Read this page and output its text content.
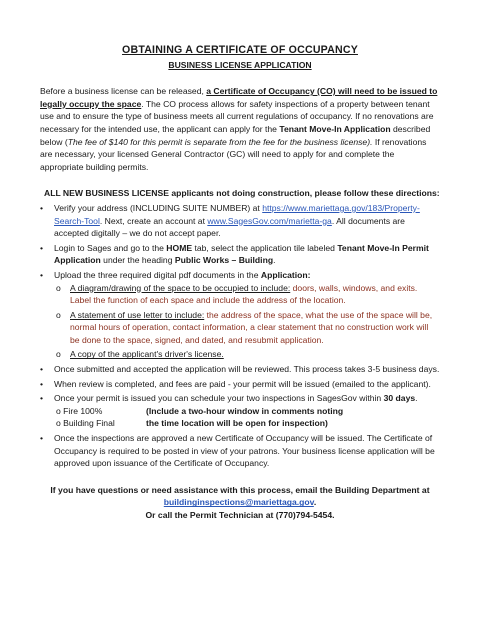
OBTAINING A CERTIFICATE OF OCCUPANCY
BUSINESS LICENSE APPLICATION

Before a business license can be released, a Certificate of Occupancy (CO) will need to be issued to legally occupy the space. The CO process allows for safety inspections of a property between tenant use and to ensure the type of business meets all current regulations of occupancy. If no renovations are necessary for the intended use, the applicant can apply for the Tenant Move-In Application described below (The fee of $140 for this permit is separate from the fee for the business license). If renovations are necessary, your licensed General Contractor (GC) will need to apply for and complete the appropriate building permits.

ALL NEW BUSINESS LICENSE applicants not doing construction, please follow these directions:
• Verify your address (INCLUDING SUITE NUMBER) at https://www.mariettaga.gov/183/Property-Search-Tool. Next, create an account at www.SagesGov.com/marietta-ga. All documents are accepted digitally – we do not accept paper.
• Login to Sages and go to the HOME tab, select the application tile labeled Tenant Move-In Permit Application under the heading Public Works – Building.
• Upload the three required digital pdf documents in the Application:
o A diagram/drawing of the space to be occupied to include: doors, walls, windows, and exits. Label the function of each space and include the address of the location.
o A statement of use letter to include: the address of the space, what the use of the space will be, normal hours of operation, contact information, a clear statement that no construction work will be done to the space, signed, and dated, and resubmit application.
o A copy of the applicant's driver's license.
• Once submitted and accepted the application will be reviewed. This process takes 3-5 business days.
• When review is completed, and fees are paid - your permit will be issued (emailed to the applicant).
• Once your permit is issued you can schedule your two inspections in SagesGov within 30 days.
o Fire 100%	(Include a two-hour window in comments noting
o Building Final	the time location will be open for inspection)
• Once the inspections are approved a new Certificate of Occupancy will be issued. The Certificate of Occupancy is required to be posted in view of your patrons. Your business license application will be approved upon issuance of the Certificate of Occupancy.
If you have questions or need assistance with this process, email the Building Department at
buildinginspections@mariettaga.gov.
Or call the Permit Technician at (770)794-5454.
